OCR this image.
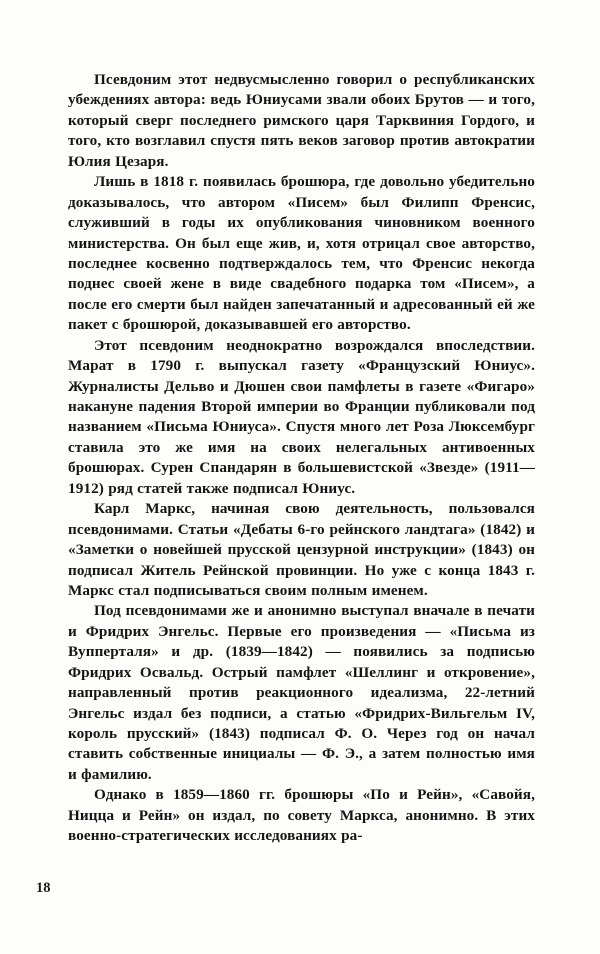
Псевдоним этот недвусмысленно говорил о республиканских убеждениях автора: ведь Юниусами звали обоих Брутов — и того, который сверг последнего римского царя Тарквиния Гордого, и того, кто возглавил спустя пять веков заговор против автократии Юлия Цезаря.

Лишь в 1818 г. появилась брошюра, где довольно убедительно доказывалось, что автором «Писем» был Филипп Френсис, служивший в годы их опубликования чиновником военного министерства. Он был еще жив, и, хотя отрицал свое авторство, последнее косвенно подтверждалось тем, что Френсис некогда поднес своей жене в виде свадебного подарка том «Писем», а после его смерти был найден запечатанный и адресованный ей же пакет с брошюрой, доказывавшей его авторство.

Этот псевдоним неоднократно возрождался впоследствии. Марат в 1790 г. выпускал газету «Французский Юниус». Журналисты Дельво и Дюшен свои памфлеты в газете «Фигаро» накануне падения Второй империи во Франции публиковали под названием «Письма Юниуса». Спустя много лет Роза Люксембург ставила это же имя на своих нелегальных антивоенных брошюрах. Сурен Спандарян в большевистской «Звезде» (1911—1912) ряд статей также подписал Юниус.

Карл Маркс, начиная свою деятельность, пользовался псевдонимами. Статьи «Дебаты 6-го рейнского ландтага» (1842) и «Заметки о новейшей прусской цензурной инструкции» (1843) он подписал Житель Рейнской провинции. Но уже с конца 1843 г. Маркс стал подписываться своим полным именем.

Под псевдонимами же и анонимно выступал вначале в печати и Фридрих Энгельс. Первые его произведения — «Письма из Вупперталя» и др. (1839—1842) — появились за подписью Фридрих Освальд. Острый памфлет «Шеллинг и откровение», направленный против реакционного идеализма, 22-летний Энгельс издал без подписи, а статью «Фридрих-Вильгельм IV, король прусский» (1843) подписал Ф. О. Через год он начал ставить собственные инициалы — Ф. Э., а затем полностью имя и фамилию.

Однако в 1859—1860 гг. брошюры «По и Рейн», «Савойя, Ницца и Рейн» он издал, по совету Маркса, анонимно. В этих военно-стратегических исследованиях ра-

18
